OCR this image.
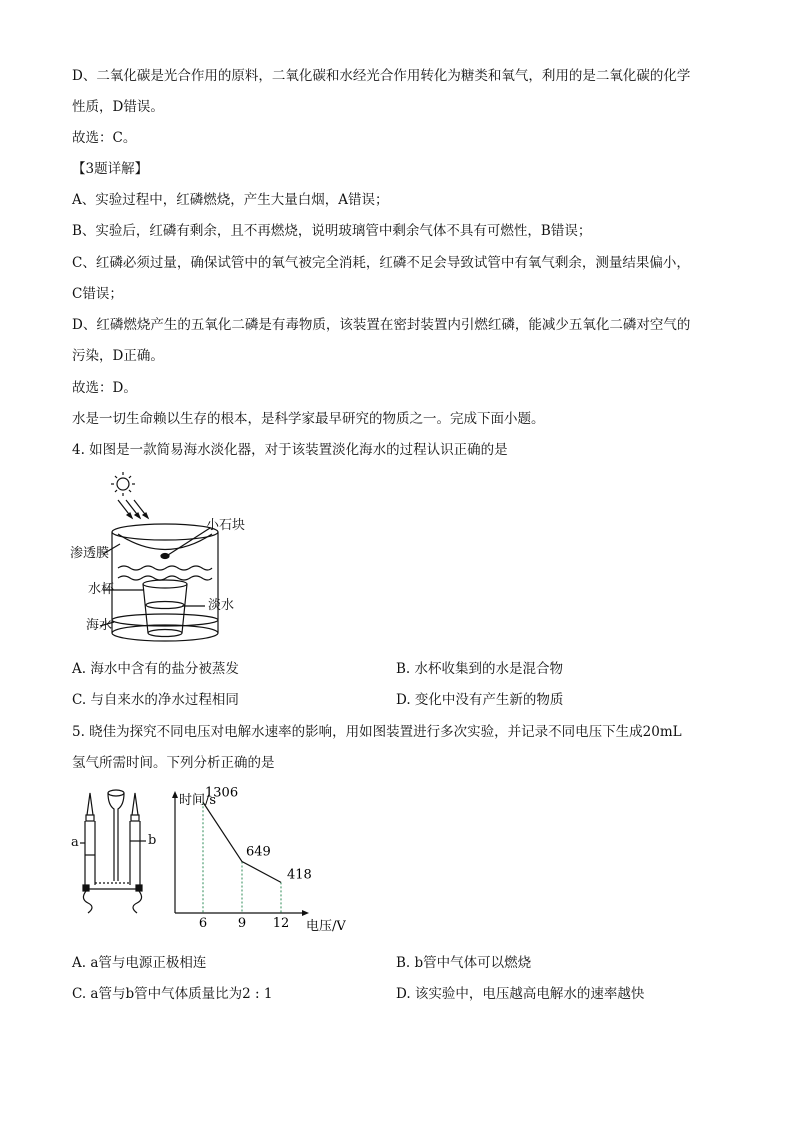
D、二氧化碳是光合作用的原料，二氧化碳和水经光合作用转化为糖类和氧气，利用的是二氧化碳的化学
性质，D错误。
故选：C。
【3题详解】
A、实验过程中，红磷燃烧，产生大量白烟，A错误；
B、实验后，红磷有剩余，且不再燃烧，说明玻璃管中剩余气体不具有可燃性，B错误；
C、红磷必须过量，确保试管中的氧气被完全消耗，红磷不足会导致试管中有氧气剩余，测量结果偏小，
C错误；
D、红磷燃烧产生的五氧化二磷是有毒物质，该装置在密封装置内引燃红磷，能减少五氧化二磷对空气的
污染，D正确。
故选：D。
水是一切生命赖以生存的根本，是科学家最早研究的物质之一。完成下面小题。
4. 如图是一款简易海水淡化器，对于该装置淡化海水的过程认识正确的是
小石块
渗透膜
水杯
淡水
海水
A. 海水中含有的盐分被蒸发	B. 水杯收集到的水是混合物
C. 与自来水的净水过程相同	D. 变化中没有产生新的物质
5. 晓佳为探究不同电压对电解水速率的影响，用如图装置进行多次实验，并记录不同电压下生成20mL
氢气所需时间。下列分析正确的是
a	b
时间/s
电压/V
1306
6
649
9
418
12
A. a管与电源正极相连	B. b管中气体可以燃烧
C. a管与b管中气体质量比为2 : 1	D. 该实验中，电压越高电解水的速率越快
